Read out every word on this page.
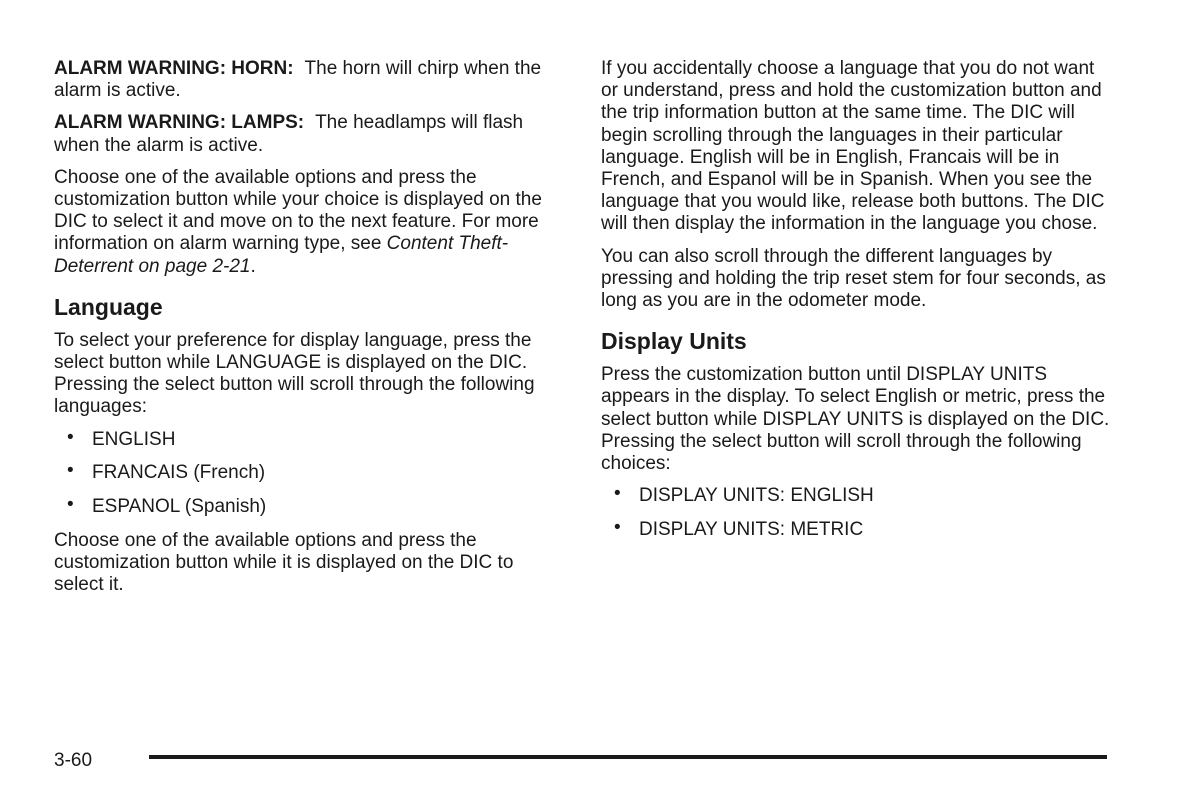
ALARM WARNING: HORN: The horn will chirp when the alarm is active.

ALARM WARNING: LAMPS: The headlamps will flash when the alarm is active.

Choose one of the available options and press the customization button while your choice is displayed on the DIC to select it and move on to the next feature. For more information on alarm warning type, see Content Theft-Deterrent on page 2-21.

Language

To select your preference for display language, press the select button while LANGUAGE is displayed on the DIC. Pressing the select button will scroll through the following languages:

• ENGLISH
• FRANCAIS (French)
• ESPANOL (Spanish)

Choose one of the available options and press the customization button while it is displayed on the DIC to select it.

If you accidentally choose a language that you do not want or understand, press and hold the customization button and the trip information button at the same time. The DIC will begin scrolling through the languages in their particular language. English will be in English, Francais will be in French, and Espanol will be in Spanish. When you see the language that you would like, release both buttons. The DIC will then display the information in the language you chose.

You can also scroll through the different languages by pressing and holding the trip reset stem for four seconds, as long as you are in the odometer mode.

Display Units

Press the customization button until DISPLAY UNITS appears in the display. To select English or metric, press the select button while DISPLAY UNITS is displayed on the DIC. Pressing the select button will scroll through the following choices:

• DISPLAY UNITS: ENGLISH
• DISPLAY UNITS: METRIC
3-60
